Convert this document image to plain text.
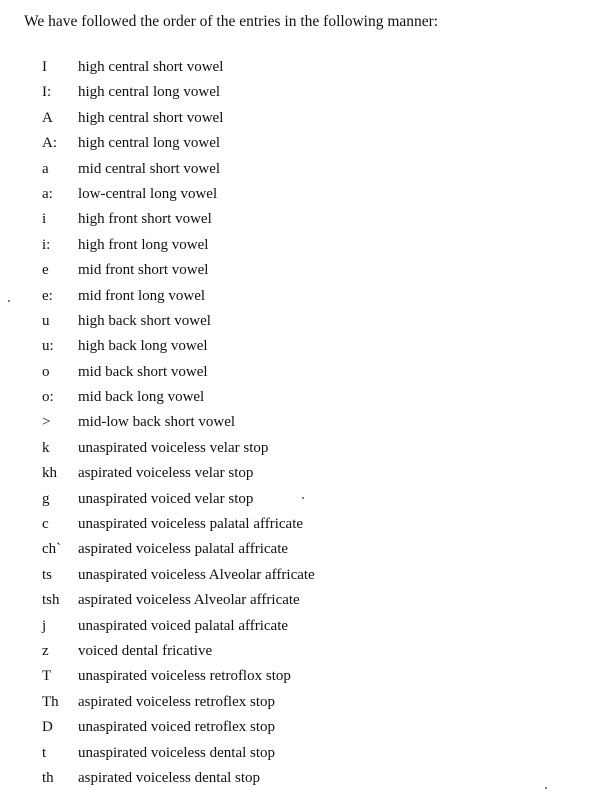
We have followed the order of the entries in the following manner:
I	high central short vowel
I:	high central long vowel
A	high central short vowel
A:	high central long vowel
a	mid central short vowel
a:	low-central long vowel
i	high front short vowel
i:	high front long vowel
e	mid front short vowel
e:	mid front long vowel
u	high back short vowel
u:	high back long vowel
o	mid back short vowel
o:	mid back long vowel
>	mid-low back short vowel
k	unaspirated voiceless velar stop
kh	aspirated voiceless velar stop
g	unaspirated voiced velar stop
c	unaspirated voiceless palatal affricate
ch`	aspirated voiceless palatal affricate
ts	unaspirated voiceless Alveolar affricate
tsh	aspirated voiceless Alveolar affricate
j	unaspirated voiced palatal affricate
z	voiced dental fricative
T	unaspirated voiceless retroflox stop
Th	aspirated voiceless retroflex stop
D	unaspirated voiced retroflex stop
t	unaspirated voiceless dental stop
th	aspirated voiceless dental stop
